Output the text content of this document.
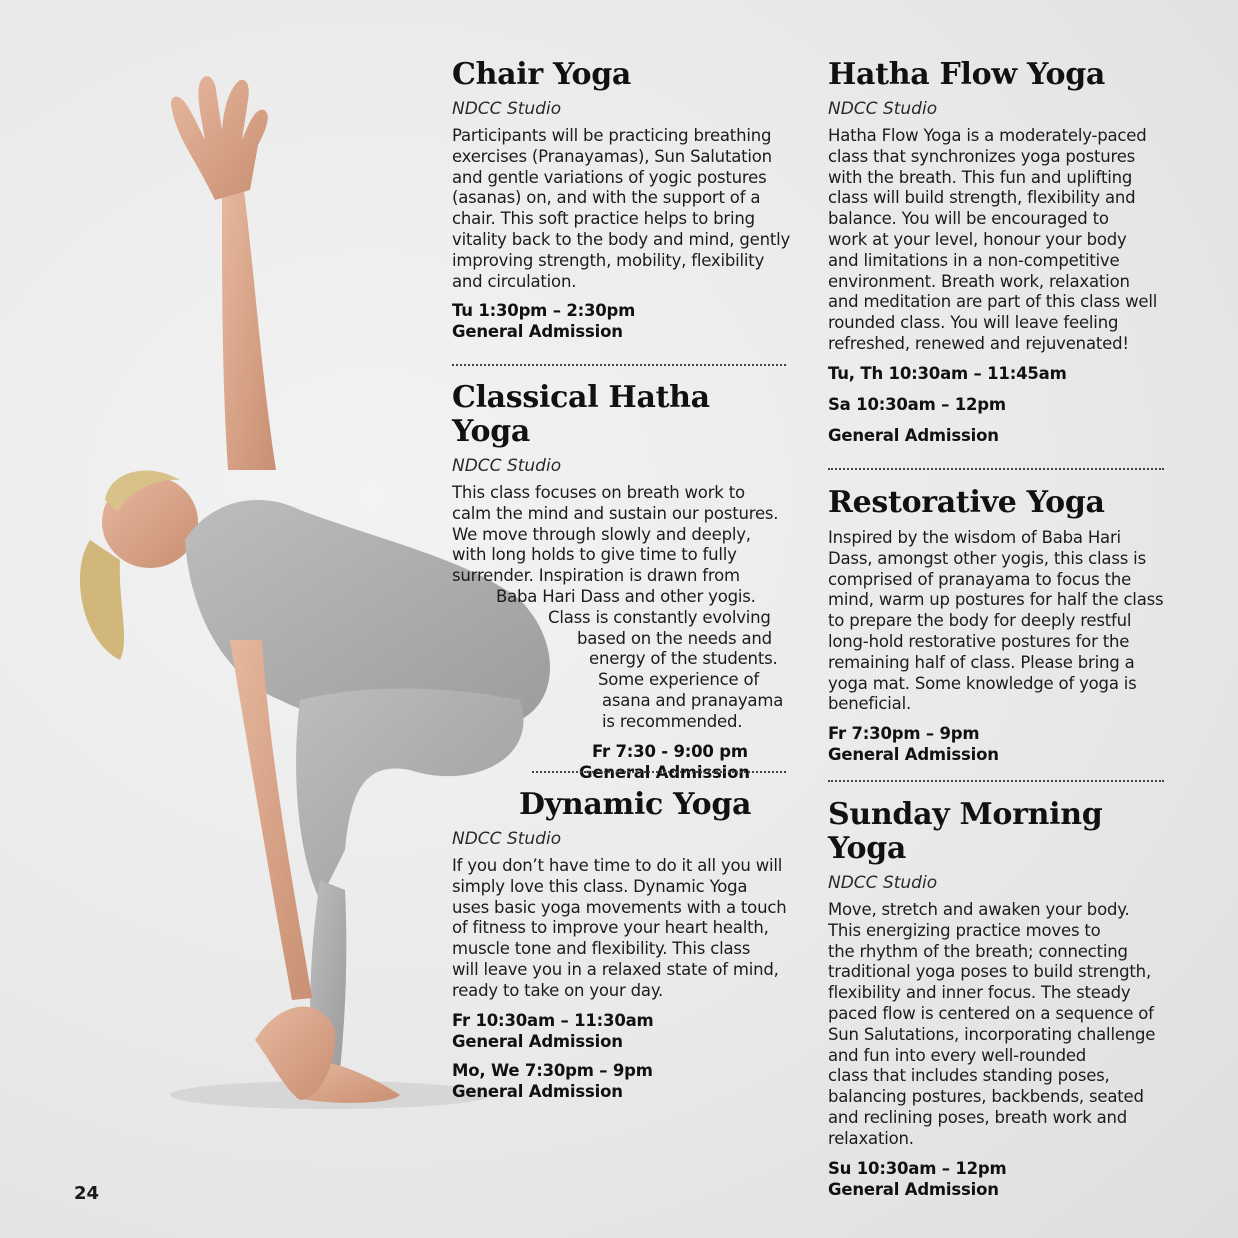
Chair Yoga
NDCC Studio
Participants will be practicing breathing
exercises (Pranayamas), Sun Salutation
and gentle variations of yogic postures
(asanas) on, and with the support of a
chair. This soft practice helps to bring
vitality back to the body and mind, gently
improving strength, mobility, flexibility
and circulation.
Tu 1:30pm – 2:30pm
General Admission
Classical Hatha Yoga
NDCC Studio
This class focuses on breath work to
calm the mind and sustain our postures.
We move through slowly and deeply,
with long holds to give time to fully
surrender. Inspiration is drawn from
Baba Hari Dass and other yogis.
Class is constantly evolving
based on the needs and
energy of the students.
Some experience of
asana and pranayama
is recommended.
Fr 7:30 - 9:00 pm
General Admission
Dynamic Yoga
NDCC Studio
If you don’t have time to do it all you will
simply love this class. Dynamic Yoga
uses basic yoga movements with a touch
of fitness to improve your heart health,
muscle tone and flexibility. This class
will leave you in a relaxed state of mind,
ready to take on your day.
Fr 10:30am – 11:30am
General Admission
Mo, We 7:30pm – 9pm
General Admission
Hatha Flow Yoga
NDCC Studio
Hatha Flow Yoga is a moderately-paced
class that synchronizes yoga postures
with the breath. This fun and uplifting
class will build strength, flexibility and
balance. You will be encouraged to
work at your level, honour your body
and limitations in a non-competitive
environment. Breath work, relaxation
and meditation are part of this class well
rounded class. You will leave feeling
refreshed, renewed and rejuvenated!
Tu, Th 10:30am – 11:45am
Sa 10:30am – 12pm
General Admission
Restorative Yoga
Inspired by the wisdom of Baba Hari
Dass, amongst other yogis, this class is
comprised of pranayama to focus the
mind, warm up postures for half the class
to prepare the body for deeply restful
long-hold restorative postures for the
remaining half of class. Please bring a
yoga mat. Some knowledge of yoga is
beneficial.
Fr 7:30pm – 9pm
General Admission
Sunday Morning Yoga
NDCC Studio
Move, stretch and awaken your body.
This energizing practice moves to
the rhythm of the breath; connecting
traditional yoga poses to build strength,
flexibility and inner focus. The steady
paced flow is centered on a sequence of
Sun Salutations, incorporating challenge
and fun into every well-rounded
class that includes standing poses,
balancing postures, backbends, seated
and reclining poses, breath work and
relaxation.
Su 10:30am – 12pm
General Admission
24
